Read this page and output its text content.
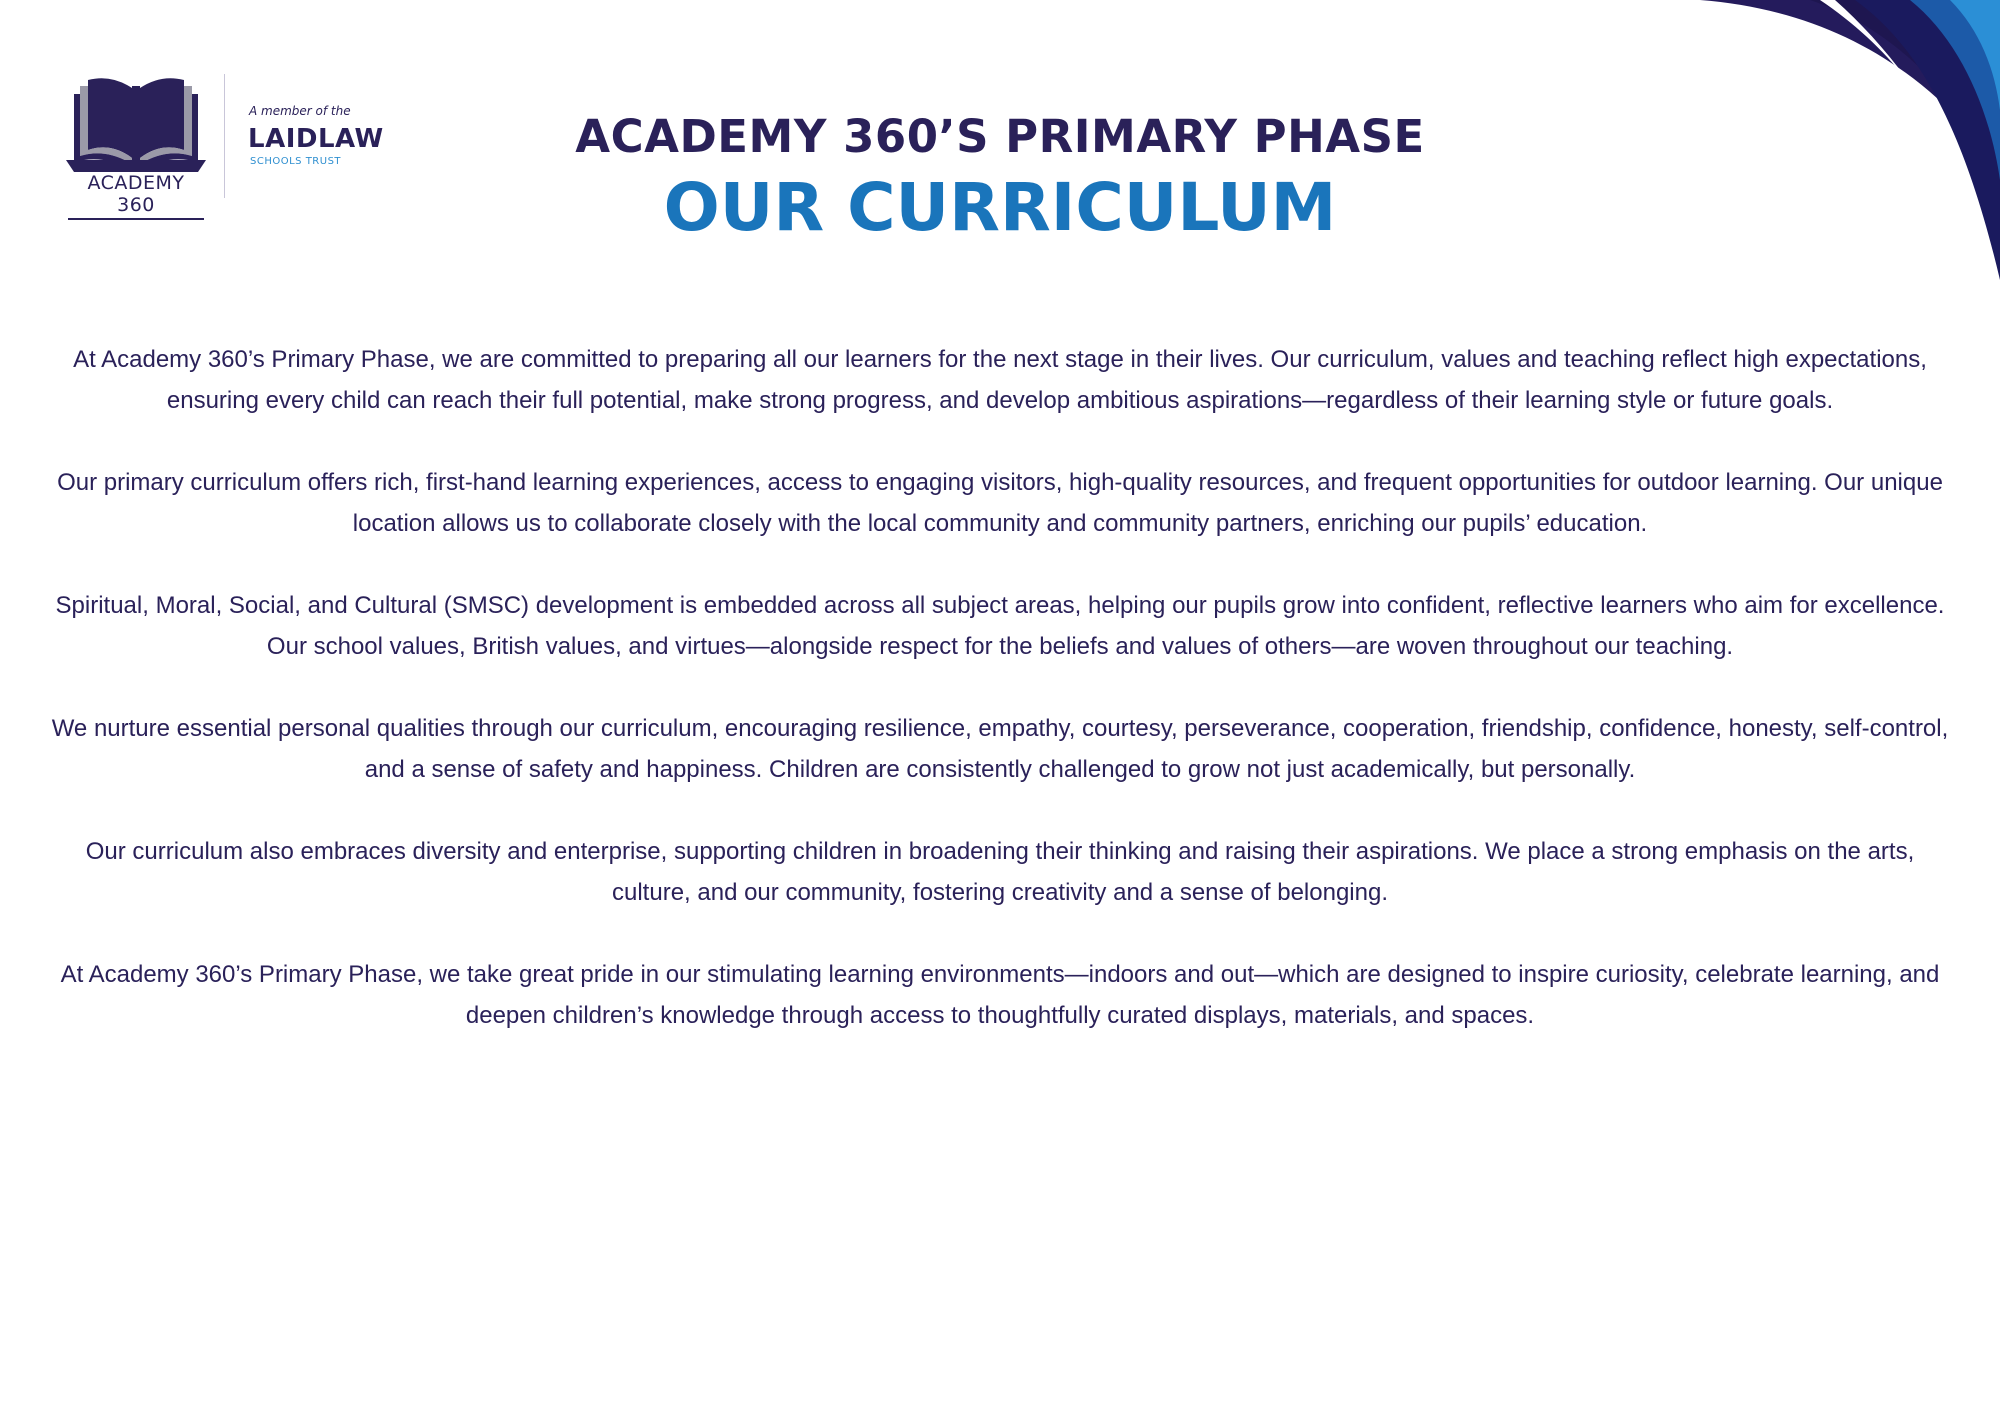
ACADEMY 360
A member of the
LAIDLAW
SCHOOLS TRUST	ACADEMY 360’S PRIMARY PHASE
OUR CURRICULUM

At Academy 360’s Primary Phase, we are committed to preparing all our learners for the next stage in their lives. Our curriculum, values and teaching reflect high expectations, ensuring every child can reach their full potential, make strong progress, and develop ambitious aspirations—regardless of their learning style or future goals.

Our primary curriculum offers rich, first-hand learning experiences, access to engaging visitors, high-quality resources, and frequent opportunities for outdoor learning. Our unique location allows us to collaborate closely with the local community and community partners, enriching our pupils’ education.

Spiritual, Moral, Social, and Cultural (SMSC) development is embedded across all subject areas, helping our pupils grow into confident, reflective learners who aim for excellence. Our school values, British values, and virtues—alongside respect for the beliefs and values of others—are woven throughout our teaching.

We nurture essential personal qualities through our curriculum, encouraging resilience, empathy, courtesy, perseverance, cooperation, friendship, confidence, honesty, self-control, and a sense of safety and happiness. Children are consistently challenged to grow not just academically, but personally.

Our curriculum also embraces diversity and enterprise, supporting children in broadening their thinking and raising their aspirations. We place a strong emphasis on the arts, culture, and our community, fostering creativity and a sense of belonging.

At Academy 360’s Primary Phase, we take great pride in our stimulating learning environments—indoors and out—which are designed to inspire curiosity, celebrate learning, and deepen children’s knowledge through access to thoughtfully curated displays, materials, and spaces.
